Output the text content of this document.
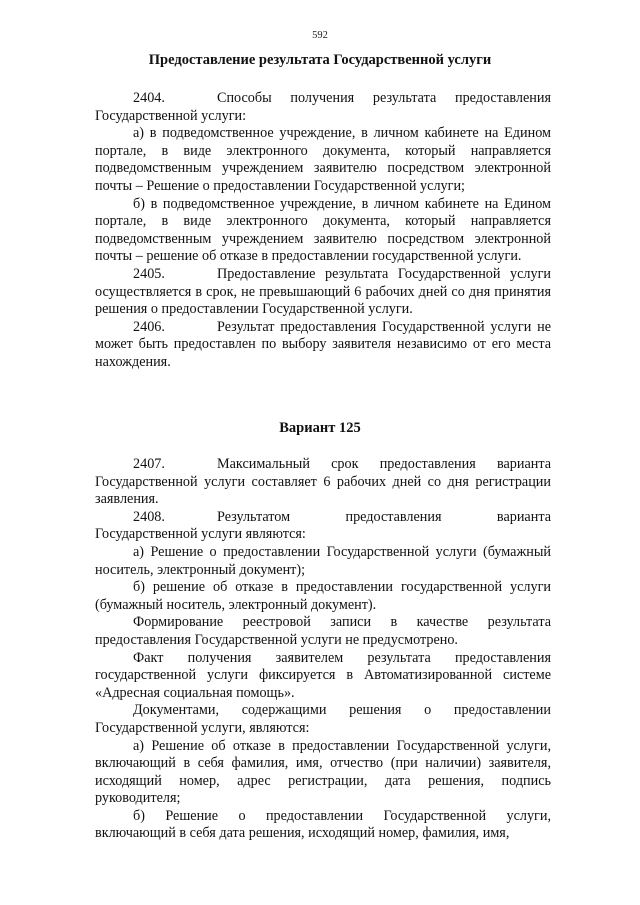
592
Предоставление результата Государственной услуги

2404.	Способы получения результата предоставления Государственной услуги:

а) в подведомственное учреждение, в личном кабинете на Едином портале, в виде электронного документа, который направляется подведомственным учреждением заявителю посредством электронной почты – Решение о предоставлении Государственной услуги;

б) в подведомственное учреждение, в личном кабинете на Едином портале, в виде электронного документа, который направляется подведомственным учреждением заявителю посредством электронной почты – решение об отказе в предоставлении государственной услуги.

2405.	Предоставление результата Государственной услуги осуществляется в срок, не превышающий 6 рабочих дней со дня принятия решения о предоставлении Государственной услуги.

2406.	Результат предоставления Государственной услуги не может быть предоставлен по выбору заявителя независимо от его места нахождения.

Вариант 125

2407.	Максимальный срок предоставления варианта Государственной услуги составляет 6 рабочих дней со дня регистрации заявления.

2408.	Результатом предоставления варианта Государственной услуги являются:

а) Решение о предоставлении Государственной услуги (бумажный носитель, электронный документ);

б) решение об отказе в предоставлении государственной услуги (бумажный носитель, электронный документ).

Формирование реестровой записи в качестве результата предоставления Государственной услуги не предусмотрено.

Факт получения заявителем результата предоставления государственной услуги фиксируется в Автоматизированной системе «Адресная социальная помощь».

Документами, содержащими решения о предоставлении Государственной услуги, являются:

а) Решение об отказе в предоставлении Государственной услуги, включающий в себя фамилия, имя, отчество (при наличии) заявителя, исходящий номер, адрес регистрации, дата решения, подпись руководителя;

б) Решение о предоставлении Государственной услуги, включающий в себя дата решения, исходящий номер, фамилия, имя,
